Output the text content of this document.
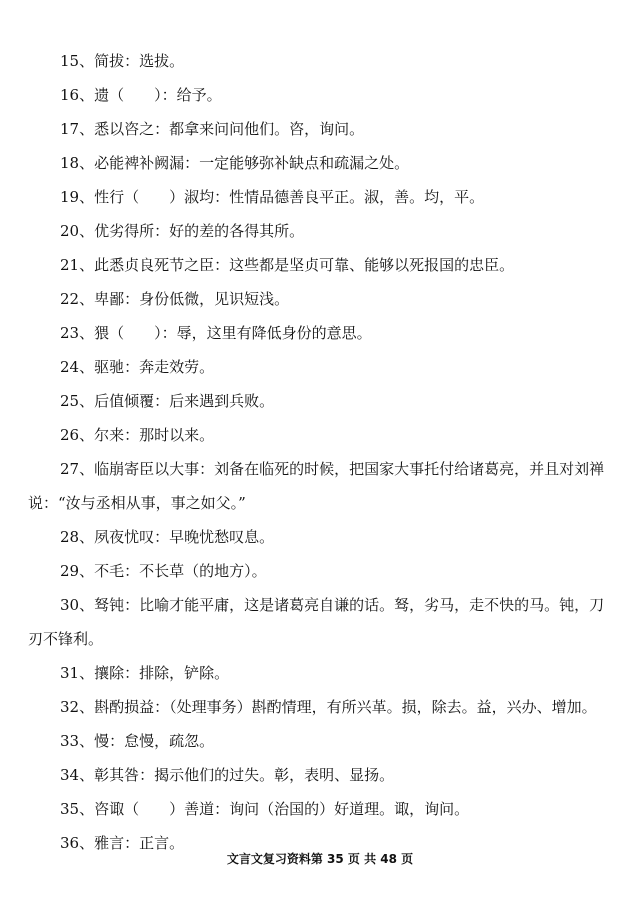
15、简拔：选拔。
16、遗（　　）：给予。
17、悉以咨之：都拿来问问他们。咨，询问。
18、必能裨补阙漏：一定能够弥补缺点和疏漏之处。
19、性行（　　）淑均：性情品德善良平正。淑，善。均，平。
20、优劣得所：好的差的各得其所。
21、此悉贞良死节之臣：这些都是坚贞可靠、能够以死报国的忠臣。
22、卑鄙：身份低微，见识短浅。
23、猥（　　）：辱，这里有降低身份的意思。
24、驱驰：奔走效劳。
25、后值倾覆：后来遇到兵败。
26、尔来：那时以来。
27、临崩寄臣以大事：刘备在临死的时候，把国家大事托付给诸葛亮，并且对刘禅说：“汝与丞相从事，事之如父。”
28、夙夜忧叹：早晚忧愁叹息。
29、不毛：不长草（的地方）。
30、驽钝：比喻才能平庸，这是诸葛亮自谦的话。驽，劣马，走不快的马。钝，刀刃不锋利。
31、攘除：排除，铲除。
32、斟酌损益：（处理事务）斟酌情理，有所兴革。损，除去。益，兴办、增加。
33、慢：怠慢，疏忽。
34、彰其咎：揭示他们的过失。彰，表明、显扬。
35、咨诹（　　）善道：询问（治国的）好道理。诹，询问。
36、雅言：正言。
文言文复习资料第 35 页 共 48 页
